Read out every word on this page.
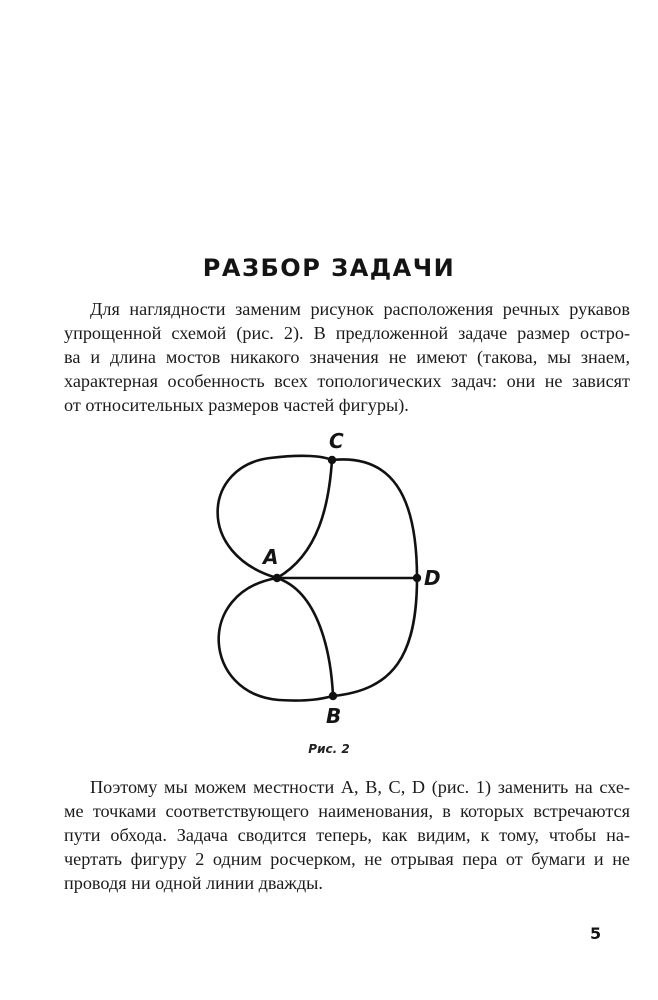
РАЗБОР ЗАДАЧИ
Для наглядности заменим рисунок расположения речных рукавов
упрощенной схемой (рис. 2). В предложенной задаче размер остро-
ва и длина мостов никакого значения не имеют (такова, мы знаем,
характерная особенность всех топологических задач: они не зависят
от относительных размеров частей фигуры).
C
A
D
B
Рис. 2
Поэтому мы можем местности A, B, C, D (рис. 1) заменить на схе-
ме точками соответствующего наименования, в которых встречаются
пути обхода. Задача сводится теперь, как видим, к тому, чтобы на-
чертать фигуру 2 одним росчерком, не отрывая пера от бумаги и не
проводя ни одной линии дважды.
5
